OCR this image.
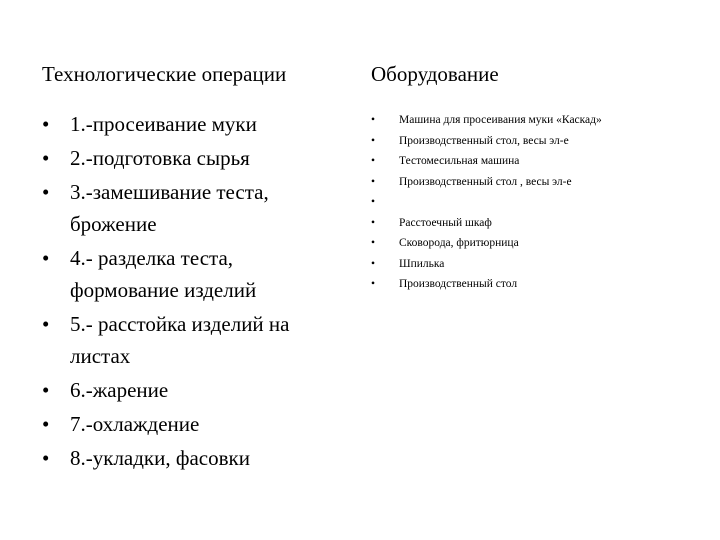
Технологические операции
• 1.-просеивание муки
• 2.-подготовка сырья
• 3.-замешивание теста, брожение
• 4.- разделка теста, формование изделий
• 5.- расстойка изделий на листах
• 6.-жарение
• 7.-охлаждение
• 8.-укладки, фасовки
Оборудование
• Машина для просеивания муки «Каскад»
• Производственный стол, весы эл-е
• Тестомесильная машина
• Производственный стол , весы эл-е
•
• Расстоечный шкаф
• Сковорода, фритюрница
• Шпилька
• Производственный стол
